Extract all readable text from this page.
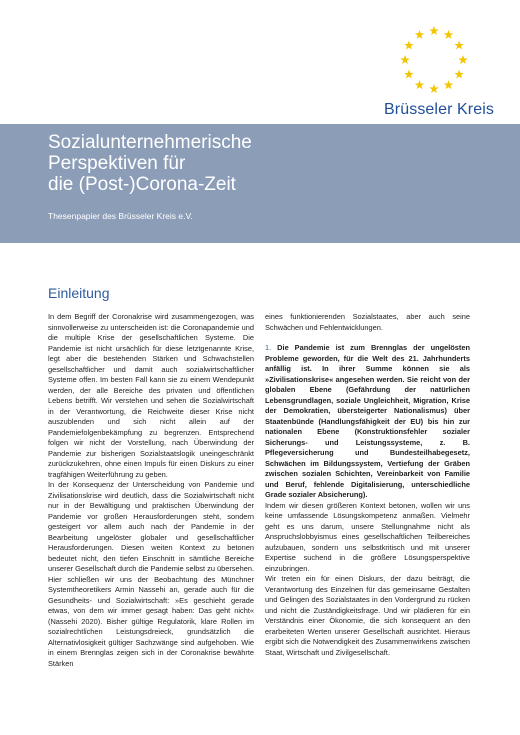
Brüsseler Kreis
Sozialunternehmerische
Perspektiven für
die (Post-)Corona-Zeit
Thesenpapier des Brüsseler Kreis e.V.
Einleitung

In dem Begriff der Coronakrise wird zusammengezogen, was sinnvollerweise zu unterscheiden ist: die Coronapandemie und die multiple Krise der gesellschaftlichen Systeme. Die Pandemie ist nicht ursächlich für diese letztgenannte Krise, legt aber die bestehenden Stärken und Schwachstellen gesellschaftlicher und damit auch sozialwirtschaftlicher Systeme offen. Im besten Fall kann sie zu einem Wendepunkt werden, der alle Bereiche des privaten und öffentlichen Lebens betrifft. Wir verstehen und sehen die Sozialwirtschaft in der Verantwortung, die Reichweite dieser Krise nicht auszublenden und sich nicht allein auf der Pandemiefolgenbekämpfung zu begrenzen. Entsprechend folgen wir nicht der Vorstellung, nach Überwindung der Pandemie zur bisherigen Sozialstaatslogik uneingeschränkt zurückzukehren, ohne einen Impuls für einen Diskurs zu einer tragfähigen Weiterführung zu geben.

In der Konsequenz der Unterscheidung von Pandemie und Zivilisationskrise wird deutlich, dass die Sozialwirtschaft nicht nur in der Bewältigung und praktischen Überwindung der Pandemie vor großen Herausforderungen steht, sondern gesteigert vor allem auch nach der Pandemie in der Bearbeitung ungelöster globaler und gesellschaftlicher Herausforderungen. Diesen weiten Kontext zu betonen bedeutet nicht, den tiefen Einschnitt in sämtliche Bereiche unserer Gesellschaft durch die Pandemie selbst zu übersehen. Hier schließen wir uns der Beobachtung des Münchner Systemtheoretikers Armin Nassehi an, gerade auch für die Gesundheits- und Sozialwirtschaft: »Es geschieht gerade etwas, von dem wir immer gesagt haben: Das geht nicht« (Nassehi 2020). Bisher gültige Regulatorik, klare Rollen im sozialrechtlichen Leistungsdreieck, grundsätzlich die Alternativlosigkeit gültiger Sachzwänge sind aufgehoben. Wie in einem Brennglas zeigen sich in der Coronakrise bewährte Stärken

eines funktionierenden Sozialstaates, aber auch seine Schwächen und Fehlentwicklungen.

1. Die Pandemie ist zum Brennglas der ungelösten Probleme geworden, für die Welt des 21. Jahrhunderts anfällig ist. In ihrer Summe können sie als »Zivilisationskrise« angesehen werden. Sie reicht von der globalen Ebene (Gefährdung der natürlichen Lebensgrundlagen, soziale Ungleichheit, Migration, Krise der Demokratien, übersteigerter Nationalismus) über Staatenbünde (Handlungsfähigkeit der EU) bis hin zur nationalen Ebene (Konstruktionsfehler sozialer Sicherungs- und Leistungssysteme, z. B. Pflegeversicherung und Bundesteilhabegesetz, Schwächen im Bildungssystem, Vertiefung der Gräben zwischen sozialen Schichten, Vereinbarkeit von Familie und Beruf, fehlende Digitalisierung, unterschiedliche Grade sozialer Absicherung).

Indem wir diesen größeren Kontext betonen, wollen wir uns keine umfassende Lösungskompetenz anmaßen. Vielmehr geht es uns darum, unsere Stellungnahme nicht als Anspruchslobbyismus eines gesellschaftlichen Teilbereiches aufzubauen, sondern uns selbstkritisch und mit unserer Expertise suchend in die größere Lösungsperspektive einzubringen.

Wir treten ein für einen Diskurs, der dazu beiträgt, die Verantwortung des Einzelnen für das gemeinsame Gestalten und Gelingen des Sozialstaates in den Vordergrund zu rücken und nicht die Zuständigkeitsfrage. Und wir plädieren für ein Verständnis einer Ökonomie, die sich konsequent an den erarbeiteten Werten unserer Gesellschaft ausrichtet. Hieraus ergibt sich die Notwendigkeit des Zusammenwirkens zwischen Staat, Wirtschaft und Zivilgesellschaft.
